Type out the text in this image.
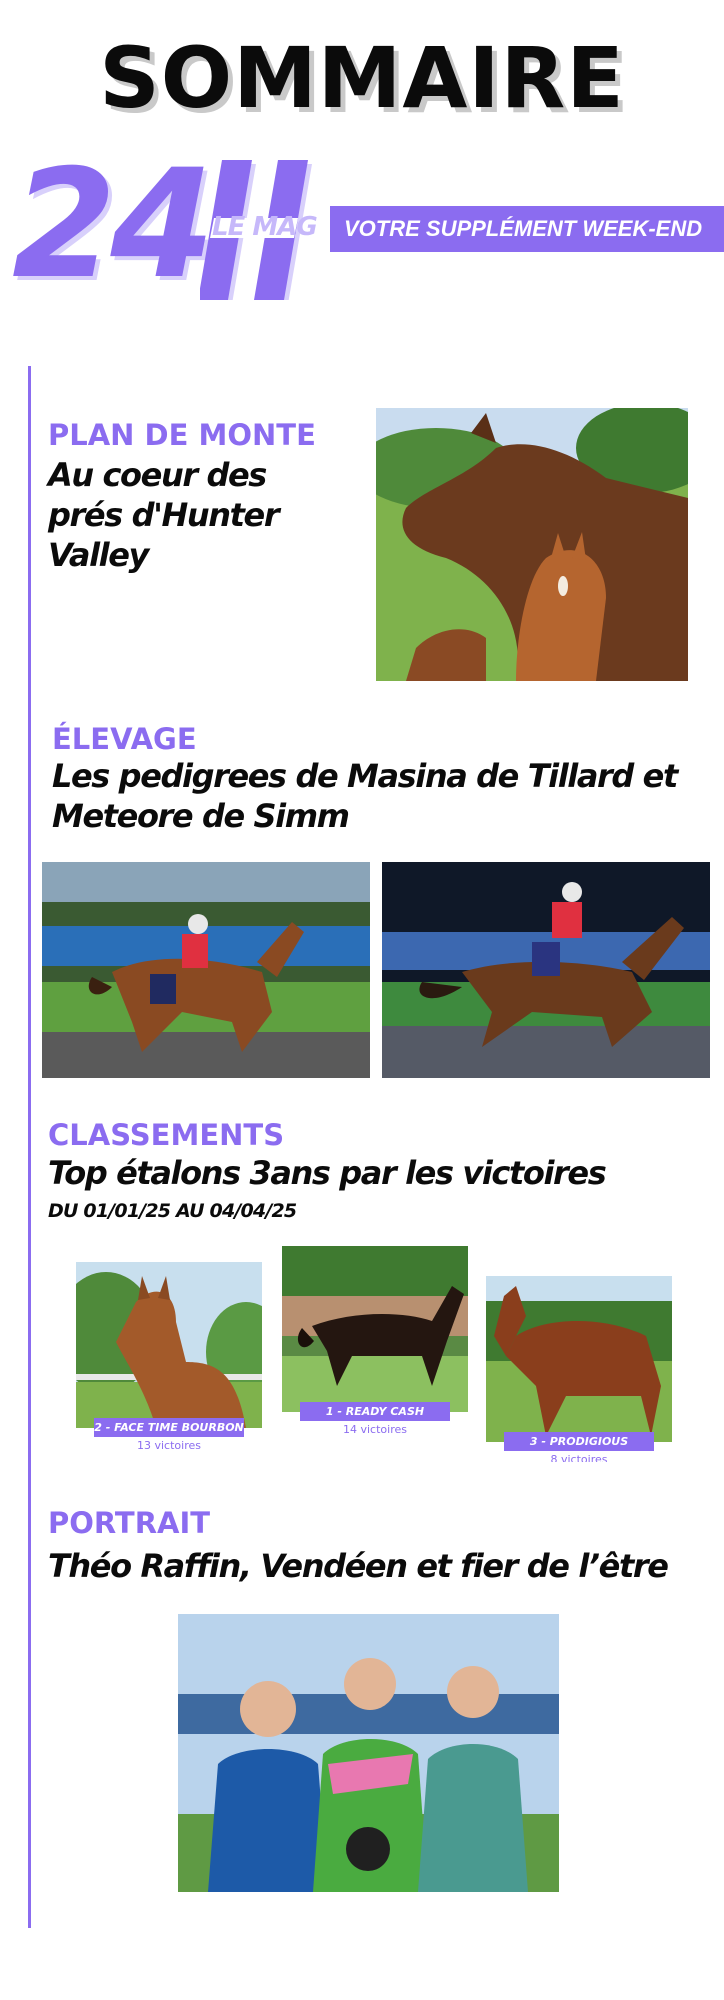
SOMMAIRE
24 LE MAG	VOTRE SUPPLÉMENT WEEK-END
PLAN DE MONTE
Au coeur des
prés d'Hunter Valley
ÉLEVAGE
Les pedigrees de Masina de Tillard et
Meteore de Simm
CLASSEMENTS
Top étalons 3ans par les victoires
DU 01/01/25 AU 04/04/25
2 - FACE TIME BOURBON
13 victoires
1 - READY CASH
14 victoires
3 - PRODIGIOUS
8 victoires
PORTRAIT
Théo Raffin, Vendéen et fier de l’être
